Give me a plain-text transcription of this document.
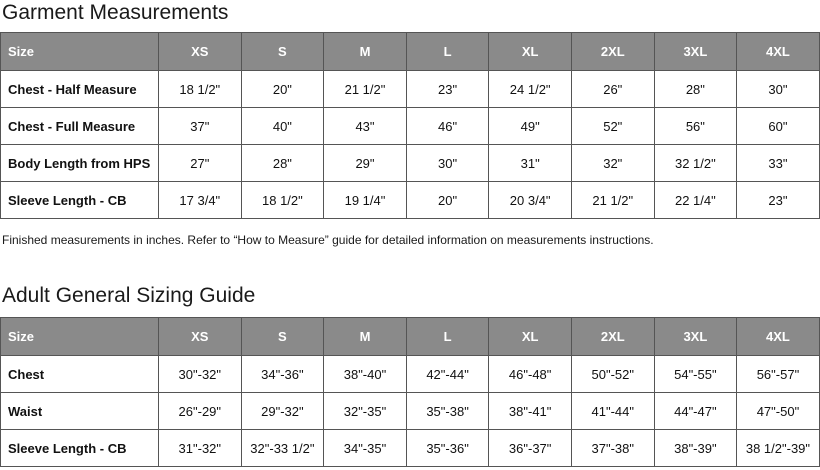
Garment Measurements
Size	XS	S	M	L	XL	2XL	3XL	4XL
Chest - Half Measure	18 1/2"	20"	21 1/2"	23"	24 1/2"	26"	28"	30"
Chest - Full Measure	37"	40"	43"	46"	49"	52"	56"	60"
Body Length from HPS	27"	28"	29"	30"	31"	32"	32 1/2"	33"
Sleeve Length - CB	17 3/4"	18 1/2"	19 1/4"	20"	20 3/4"	21 1/2"	22 1/4"	23"

Finished measurements in inches. Refer to “How to Measure” guide for detailed information on measurements instructions.

Adult General Sizing Guide
Size	XS	S	M	L	XL	2XL	3XL	4XL
Chest	30"-32"	34"-36"	38"-40"	42"-44"	46"-48"	50"-52"	54"-55"	56"-57"
Waist	26"-29"	29"-32"	32"-35"	35"-38"	38"-41"	41"-44"	44"-47"	47"-50"
Sleeve Length - CB	31"-32"	32"-33 1/2"	34"-35"	35"-36"	36"-37"	37"-38"	38"-39"	38 1/2"-39"
